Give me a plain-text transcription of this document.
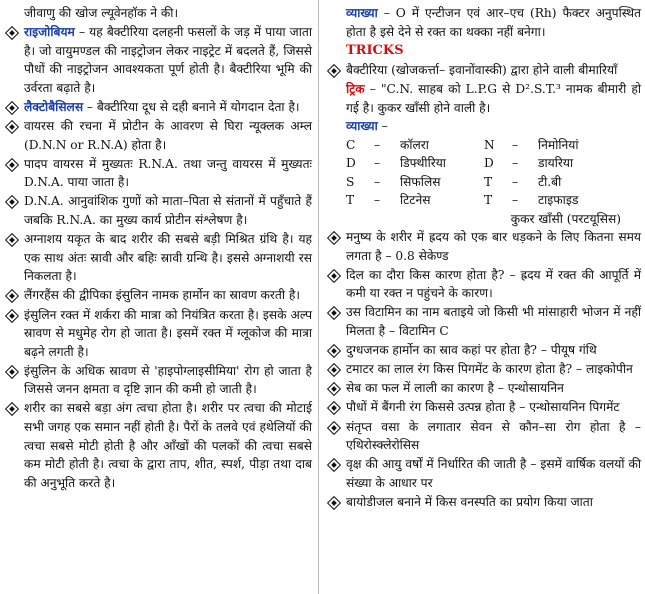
जीवाणु की खोज ल्यूवेनहॉक ने की।
राइजोबियम – यह बैक्टीरिया दलहनी फसलों के जड़ में पाया जाता है। जो वायुमण्डल की नाइट्रोजन लेकर नाइट्रेट में बदलते हैं, जिससे पौधों की नाइट्रोजन आवश्यकता पूर्ण होती है। बैक्टीरिया भूमि की उर्वरता बढ़ाते है।
लैक्टोबैसिलस – बैक्टीरिया दूध से दही बनाने में योगदान देता है।
वायरस की रचना में प्रोटीन के आवरण से घिरा न्यूक्लक अम्ल (D.N.N or R.N.A) होता है।
पादप वायरस में मुख्यतः R.N.A. तथा जन्तु वायरस में मुख्यतः D.N.A. पाया जाता है।
D.N.A. आनुवांशिक गुणों को माता–पिता से संतानों में पहुँचाते हैं जबकि R.N.A. का मुख्य कार्य प्रोटीन संश्लेषण है।
अग्नाशय यकृत के बाद शरीर की सबसे बड़ी मिश्रित ग्रंथि है। यह एक साथ अंतः स्रावी और बहिः स्रावी ग्रन्थि है। इससे अग्नाशयी रस निकलता है।
लैंगरहैंस की द्वीपिका इंसुलिन नामक हार्मोन का स्रावण करती है।
इंसुलिन रक्त में शर्करा की मात्रा को नियंत्रित करता है। इसके अल्प स्रावण से मधुमेह रोग हो जाता है। इसमें रक्त में ग्लूकोज की मात्रा बढ़ने लगती है।
इंसुलिन के अधिक स्रावण से 'हाइपोग्लाइसीमिया' रोग हो जाता है जिससे जनन क्षमता व दृष्टि ज्ञान की कमी हो जाती है।
शरीर का सबसे बड़ा अंग त्वचा होता है। शरीर पर त्वचा की मोटाई सभी जगह एक समान नहीं होती है। पैरों के तलवे एवं हथेलियों की त्वचा सबसे मोटी होती है और आँखों की पलकों की त्वचा सबसे कम मोटी होती है। त्वचा के द्वारा ताप, शीत, स्पर्श, पीड़ा तथा दाब की अनुभूति करते है।
व्याख्या – O में एन्टीजन एवं आर–एच (Rh) फैक्टर अनुपस्थित होता है इसे देने से रक्त का थक्का नहीं बनेगा।
TRICKS
बैक्टीरिया (खोजकर्त्ता– इवानोंवास्की) द्वारा होने वाली बीमारियाँ
ट्रिक – "C.N. साहब को L.P.G से D².S.T.³ नामक बीमारी हो गई है। कुकर खाँसी होने वाली है।
व्याख्या –
C	–	कॉलरा	N	–	निमोनियां
D	–	डिफ्थीरिया	D	–	डायरिया
S	–	सिफलिस	T	–	टी.बी
T	–	टिटनेस	T	–	टाइफाइड
कुकर खाँसी (परटयूसिस)
मनुष्य के शरीर में ह्रदय को एक बार धड़कने के लिए कितना समय लगता है – 0.8 सेकेण्ड
दिल का दौरा किस कारण होता है? – ह्रदय में रक्त की आपूर्ति में कमी या रक्त न पहुंचने के कारण।
उस विटामिन का नाम बताइये जो किसी भी मांसाहारी भोजन में नहीं मिलता है – विटामिन C
दुग्धजनक हार्मोन का स्राव कहां पर होता है? – पीयूष गंथि
टमाटर का लाल रंग किस पिगमेंट के कारण होता है? – लाइकोपीन
सेब का फल में लाली का कारण है – एन्थोसायनिन
पौधों में बैंगनी रंग किससे उत्पन्न होता है – एन्थोसायनिन पिगमेंट
संतृप्त वसा के लगातार सेवन से कौन–सा रोग होता है – एथिरोस्क्लेरोसिस
वृक्ष की आयु वर्षों में निर्धारित की जाती है – इसमें वार्षिक वलयों की संख्या के आधार पर
बायोडीजल बनाने में किस वनस्पति का प्रयोग किया जाता
